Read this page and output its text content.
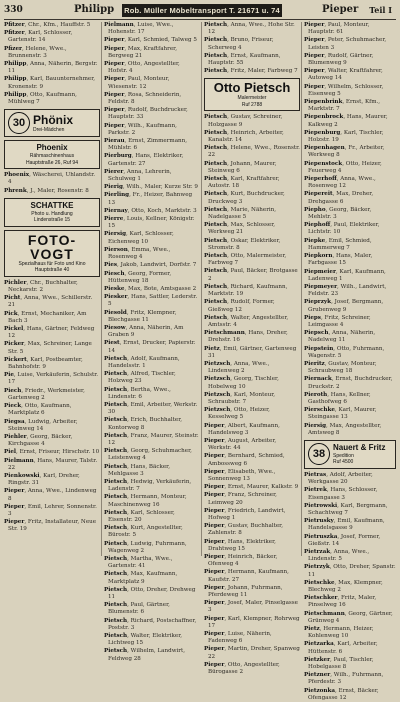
330	Philipp Rob. Müller Möbeltransport T. 21671 u. 74	Pieper Teil I
Pfitzer, Chr., Kfm., Hauffstr. 5
Pfitzer, Karl, Schlosser, Gartenstr. 14
Pfizer, Helene, Wwe., Brunnenstr. 3
Philipp, Anna, Näherin, Bergstr. 11
Philipp, Karl, Bauunternehmer, Kronenstr. 9
Philipp, Otto, Kaufmann, Mühlweg 7
30 Phönix
Drei-Mädchen
Phoenix
Rähmaschinenhaus
Hauptstraße 26, Ruf 94
Phoenix, Wäscherei, Uhlandstr. 4
Phrenk, J., Maler, Rosenstr. 8
SCHATTKE
Photo u. Handlung
Lindenstraße 15
FOTO-VOGT
Spezialhaus für Foto und Kino
Hauptstraße 40
Pichler, Chr., Buchhalter, Neckarstr. 2
Picht, Anna, Wwe., Schillerstr. 21
Pick, Ernst, Mechaniker, Am Bach 3
Pickel, Hans, Gärtner, Feldweg 12
Picker, Max, Schreiner, Lange Str. 5
Pickert, Karl, Postbeamter, Bahnhofstr. 9
Pie, Luise, Verkäuferin, Schulstr. 17
Piech, Friedr., Werkmeister, Gartenweg 2
Pieck, Otto, Kaufmann, Marktplatz 6
Piegsa, Ludwig, Arbeiter, Steinweg 14
Piehler, Georg, Bäcker, Kirchgasse 4
Piel, Ernst, Friseur, Hirschstr. 10
Pielmann, Hans, Maurer, Talstr. 22
Pienkowski, Karl, Dreher, Ringstr. 31
Pieper, Anna, Wwe., Lindenweg 8
Pieper, Emil, Lehrer, Sonnenstr. 3
Pieper, Fritz, Installateur, Neue Str. 19
Pielmann, Luise, Wwe., Hohenstr. 17
Pieper, Karl, Schmied, Talweg 5
Pieper, Max, Kraftfahrer, Bergweg 21
Pieper, Otto, Angestellter, Hofstr. 4
Pieper, Paul, Monteur, Wiesenstr. 12
Pieper, Rosa, Schneiderin, Feldstr. 8
Pieper, Rudolf, Buchdrucker, Hauptstr. 33
Pieper, Wilh., Kaufmann, Parkstr. 2
Pierau, Ernst, Zimmermann, Mühlstr. 6
Pierburg, Hans, Elektriker, Gartenstr. 27
Pierer, Anna, Lehrerin, Schulweg 1
Pierig, Wilh., Maler, Kurze Str. 9
Pierling, Fr., Heizer, Bahnweg 13
Piernay, Otto, Koch, Marktstr. 3
Pierre, Louis, Kellner, Königstr. 15
Piersig, Karl, Schlosser, Eichenweg 10
Pierson, Emma, Wwe., Rosenweg 4
Pies, Jakob, Landwirt, Dorfstr. 7
Piesch, Georg, Former, Hüttenweg 18
Pieske, Max, Bote, Amtsgasse 2
Piesker, Hans, Sattler, Lederstr. 5
Piesold, Fritz, Klempner, Blechgasse 11
Piesow, Anna, Näherin, Am Graben 9
Piest, Ernst, Drucker, Papierstr. 14
Pietsch, Adolf, Kaufmann, Handelsstr. 1
Pietsch, Alfred, Tischler, Holzweg 23
Pietsch, Bertha, Wwe., Lindenstr. 6
Pietsch, Emil, Arbeiter, Werkstr. 30
Pietsch, Erich, Buchhalter, Kontorweg 8
Pietsch, Franz, Maurer, Steinstr. 12
Pietsch, Georg, Schuhmacher, Leistenweg 4
Pietsch, Hans, Bäcker, Mehlgasse 3
Pietsch, Hedwig, Verkäuferin, Ladenstr. 7
Pietsch, Hermann, Monteur, Maschinenweg 16
Pietsch, Karl, Schlosser, Eisenstr. 20
Pietsch, Kurt, Angestellter, Bürostr. 5
Pietsch, Ludwig, Fuhrmann, Wagenweg 2
Pietsch, Martha, Wwe., Gartenstr. 41
Pietsch, Max, Kaufmann, Marktplatz 9
Pietsch, Otto, Dreher, Drehweg 11
Pietsch, Paul, Gärtner, Blumenstr. 6
Pietsch, Richard, Postschaffner, Poststr. 3
Pietsch, Walter, Elektriker, Lichtweg 15
Pietsch, Wilhelm, Landwirt, Feldweg 28
Pietsch, Anna, Wwe., Hohe Str. 12
Pietsch, Bruno, Friseur, Scherweg 4
Pietsch, Ernst, Kaufmann, Hauptstr. 55
Pietsch, Fritz, Maler, Farbweg 7
Otto Pietsch
Malermeister
Ruf 2788
Pietsch, Gustav, Schreiner, Holzgasse 9
Pietsch, Heinrich, Arbeiter, Kanalstr. 14
Pietsch, Helene, Wwe., Rosenstr. 22
Pietsch, Johann, Maurer, Steinweg 6
Pietsch, Karl, Kraftfahrer, Autostr. 18
Pietsch, Kurt, Buchdrucker, Druckweg 3
Pietsch, Marie, Näherin, Nadelgasse 5
Pietsch, Max, Schlosser, Werkweg 21
Pietsch, Oskar, Elektriker, Stromstr. 8
Pietsch, Otto, Malermeister, Farbweg 7
Pietsch, Paul, Bäcker, Brotgasse 2
Pietsch, Richard, Kaufmann, Marktstr. 19
Pietsch, Rudolf, Former, Gießweg 12
Pietsch, Walter, Angestellter, Amtsstr. 4
Pietschmann, Hans, Dreher, Drehstr. 16
Pietz, Emil, Gärtner, Gartenweg 31
Pietzsch, Anna, Wwe., Lindenweg 2
Pietzsch, Georg, Tischler, Hobelweg 10
Pietzsch, Karl, Monteur, Schraubstr. 7
Pietzsch, Otto, Heizer, Kesselweg 5
Pieper, Albert, Kaufmann, Handelsweg 3
Pieper, August, Arbeiter, Werkstr. 44
Pieper, Bernhard, Schmied, Ambossweg 6
Pieper, Elisabeth, Wwe., Sonnenweg 13
Pieper, Ernst, Maurer, Kalkstr. 9
Pieper, Franz, Schreiner, Leimweg 20
Pieper, Friedrich, Landwirt, Hofweg 1
Pieper, Gustav, Buchhalter, Zahlenstr. 8
Pieper, Hans, Elektriker, Drahtweg 15
Pieper, Heinrich, Bäcker, Ofenweg 4
Pieper, Hermann, Kaufmann, Kaufstr. 27
Pieper, Johann, Fuhrmann, Pferdeweg 11
Pieper, Josef, Maler, Pinselgasse 3
Pieper, Karl, Klempner, Rohrweg 17
Pieper, Luise, Näherin, Fadenweg 6
Pieper, Martin, Dreher, Spanweg 22
Pieper, Otto, Angestellter, Bürogasse 2
Pieper, Paul, Monteur, Hauptstr. 61
Pieper, Peter, Schuhmacher, Leisten 3
Pieper, Rudolf, Gärtner, Blumenweg 9
Pieper, Walter, Kraftfahrer, Autoweg 14
Pieper, Wilhelm, Schlosser, Eisenweg 5
Piepenbrink, Ernst, Kfm., Marktstr. 7
Piepenbrock, Hans, Maurer, Kalkweg 2
Piepenburg, Karl, Tischler, Holzstr. 19
Piepenhagen, Fr., Arbeiter, Werkweg 8
Piepenstock, Otto, Heizer, Feuerweg 4
Pieperhoff, Anna, Wwe., Rosenweg 12
Piepereit, Max, Dreher, Drehgasse 6
Piepho, Georg, Bäcker, Mehlstr. 3
Piephoff, Paul, Elektriker, Lichtstr. 10
Piepke, Emil, Schmied, Hammerweg 7
Piepkorn, Hans, Maler, Farbgasse 15
Piepmeier, Karl, Kaufmann, Ladenweg 1
Piepmeyer, Wilh., Landwirt, Feldstr. 23
Pieprzyk, Josef, Bergmann, Grubenweg 9
Pieps, Fritz, Schreiner, Leimgasse 4
Piepsch, Anna, Näherin, Nadelweg 11
Piepstein, Otto, Fuhrmann, Wagenstr. 5
Pieritz, Gustav, Monteur, Schraubweg 18
Piernack, Ernst, Buchdrucker, Druckstr. 2
Pieroth, Hans, Kellner, Gasthofweg 6
Pierschke, Karl, Maurer, Steingasse 13
Piersig, Max, Angestellter, Amtsweg 8
38
Nauert & Fritz
Spedition
Ruf 4500
Pietras, Adolf, Arbeiter, Werkgasse 20
Pietrek, Hans, Schlosser, Eisengasse 3
Pietrowski, Karl, Bergmann, Schachtweg 7
Pietrusky, Emil, Kaufmann, Handelsgasse 9
Pietruszka, Josef, Former, Gießstr. 14
Pietrzak, Anna, Wwe., Lindenstr. 5
Pietrzyk, Otto, Dreher, Spanstr. 11
Pietschke, Max, Klempner, Blechweg 2
Pietschker, Fritz, Maler, Pinselweg 16
Pietschmann, Georg, Gärtner, Grünweg 4
Pietz, Hermann, Heizer, Kohlenweg 10
Pietzarka, Karl, Arbeiter, Hüttenstr. 6
Pietzker, Paul, Tischler, Hobelgasse 8
Pietzner, Wilh., Fuhrmann, Pferdestr. 3
Pietzonka, Ernst, Bäcker, Ofengasse 12
